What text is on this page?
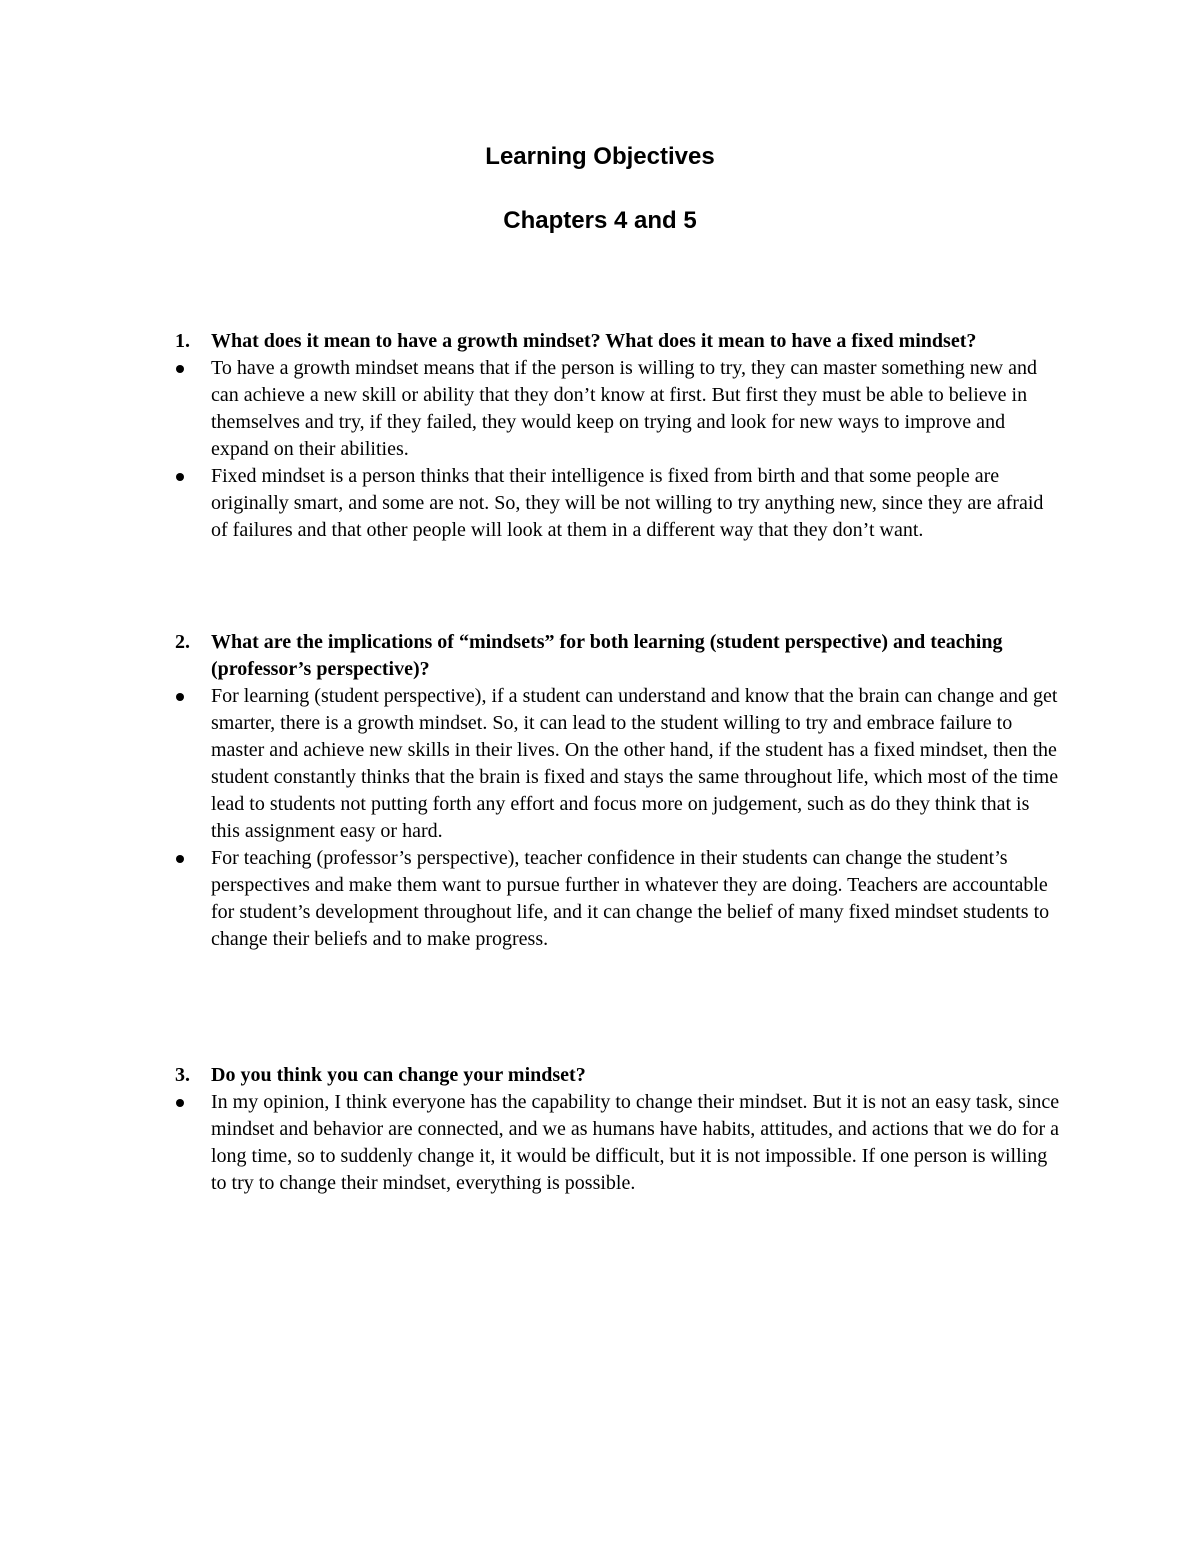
Learning Objectives
Chapters 4 and 5

1. What does it mean to have a growth mindset? What does it mean to have a fixed mindset?

To have a growth mindset means that if the person is willing to try, they can master something new and can achieve a new skill or ability that they don’t know at first. But first they must be able to believe in themselves and try, if they failed, they would keep on trying and look for new ways to improve and expand on their abilities.

Fixed mindset is a person thinks that their intelligence is fixed from birth and that some people are originally smart, and some are not. So, they will be not willing to try anything new, since they are afraid of failures and that other people will look at them in a different way that they don’t want.

2. What are the implications of “mindsets” for both learning (student perspective) and teaching (professor’s perspective)?

For learning (student perspective), if a student can understand and know that the brain can change and get smarter, there is a growth mindset. So, it can lead to the student willing to try and embrace failure to master and achieve new skills in their lives. On the other hand, if the student has a fixed mindset, then the student constantly thinks that the brain is fixed and stays the same throughout life, which most of the time lead to students not putting forth any effort and focus more on judgement, such as do they think that is this assignment easy or hard.

For teaching (professor’s perspective), teacher confidence in their students can change the student’s perspectives and make them want to pursue further in whatever they are doing. Teachers are accountable for student’s development throughout life, and it can change the belief of many fixed mindset students to change their beliefs and to make progress.

3. Do you think you can change your mindset?

In my opinion, I think everyone has the capability to change their mindset. But it is not an easy task, since mindset and behavior are connected, and we as humans have habits, attitudes, and actions that we do for a long time, so to suddenly change it, it would be difficult, but it is not impossible. If one person is willing to try to change their mindset, everything is possible.
